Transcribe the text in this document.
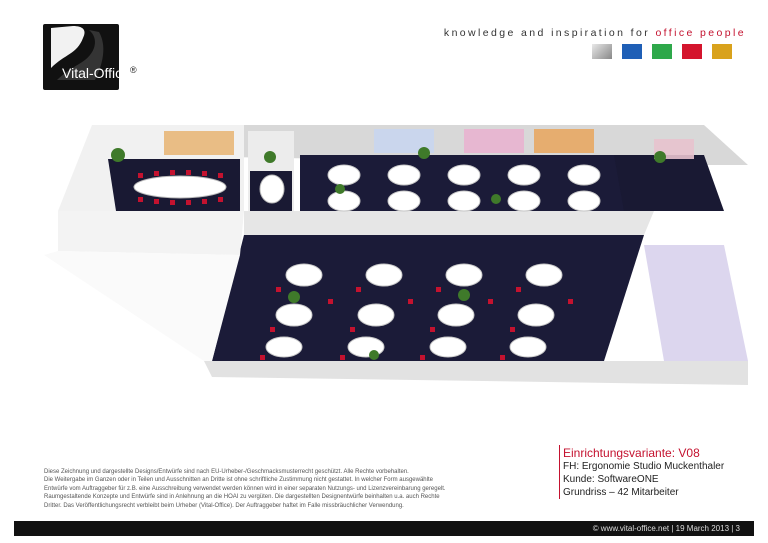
Vital-Office®
knowledge and inspiration for office people
Diese Zeichnung und dargestellte Designs/Entwürfe sind nach EU-Urheber-/Geschmacksmusterrecht geschützt. Alle Rechte vorbehalten.
Die Weitergabe im Ganzen oder in Teilen und Ausschnitten an Dritte ist ohne schriftliche Zustimmung nicht gestattet. In welcher Form ausgewählte
Entwürfe vom Auftraggeber für z.B. eine Ausschreibung verwendet werden können wird in einer separaten Nutzungs- und Lizenzvereinbarung geregelt.
Raumgestaltende Konzepte und Entwürfe sind in Anlehnung an die HOAI zu vergüten. Die dargestellten Designentwürfe beinhalten u.a. auch Rechte
Dritter. Das Veröffentlichungsrecht verbleibt beim Urheber (Vital-Office). Der Auftraggeber haftet im Falle missbräuchlicher Verwendung.
Einrichtungsvariante: V08
FH: Ergonomie Studio Muckenthaler
Kunde: SoftwareONE
Grundriss – 42 Mitarbeiter
© www.vital-office.net | 19 March 2013 | 3
